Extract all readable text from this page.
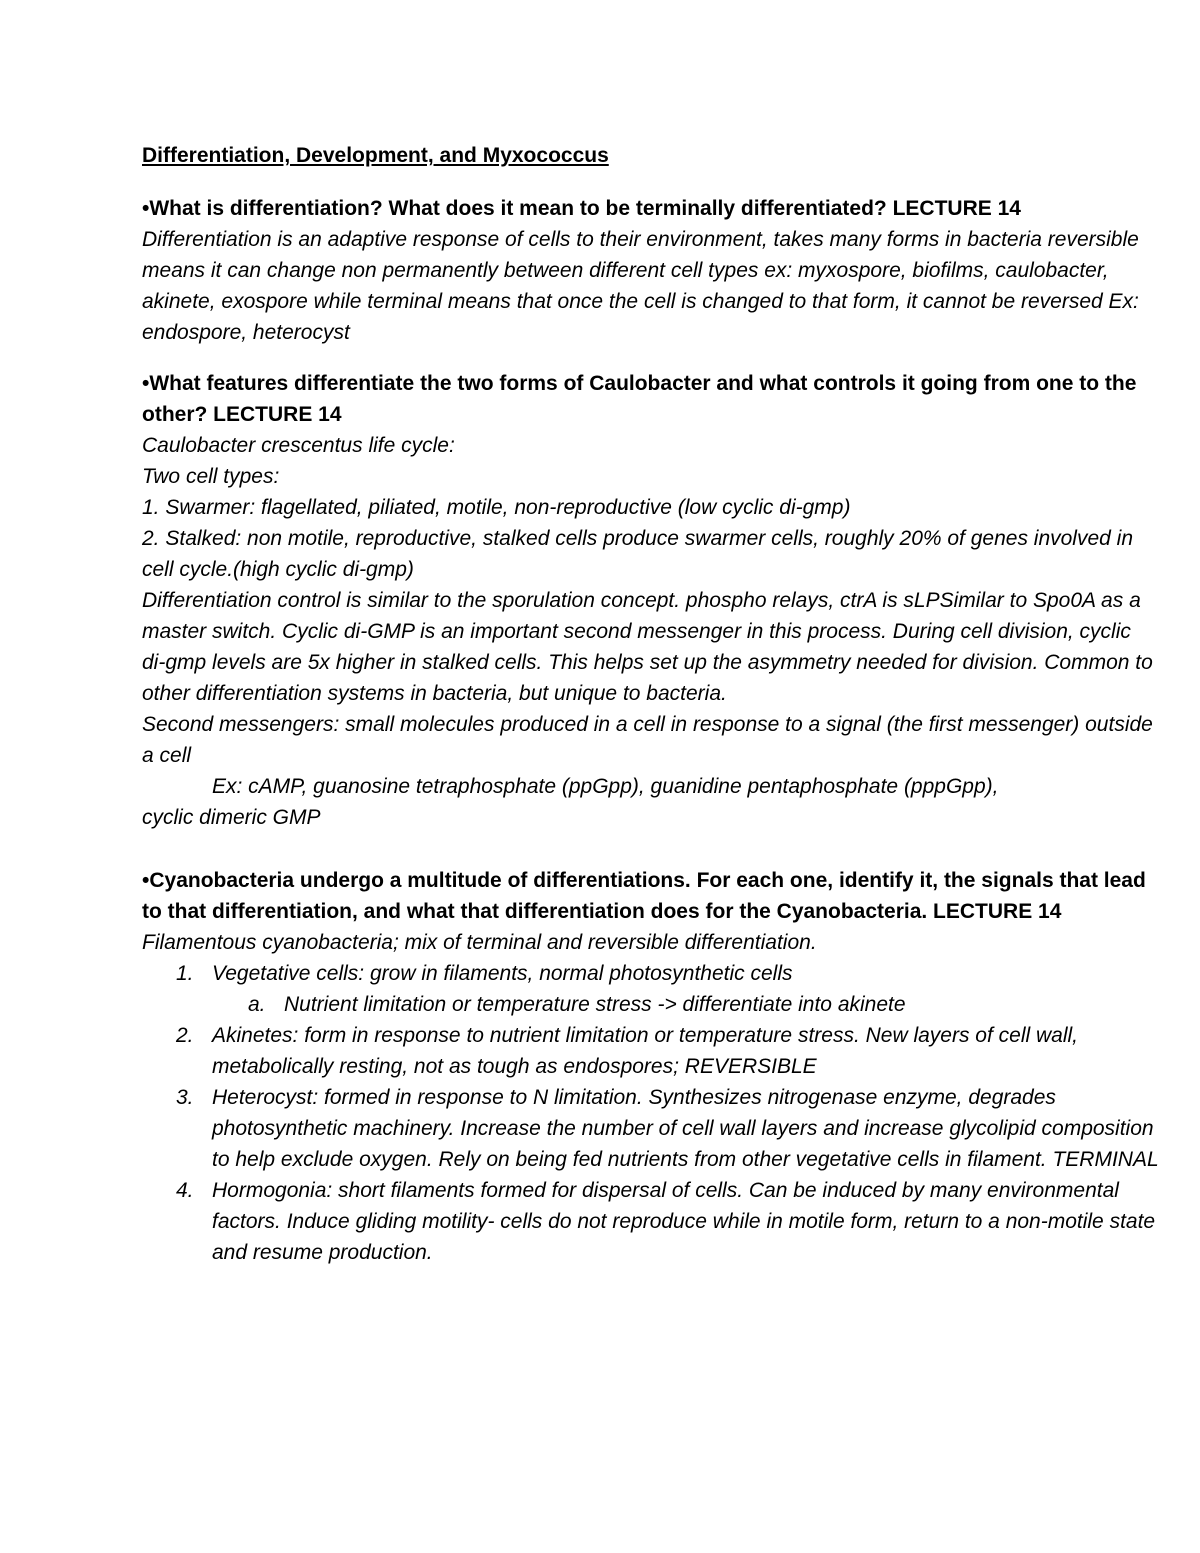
Differentiation, Development, and Myxococcus

•What is differentiation? What does it mean to be terminally differentiated? LECTURE 14

Differentiation is an adaptive response of cells to their environment, takes many forms in bacteria reversible means it can change non permanently between different cell types ex: myxospore, biofilms, caulobacter, akinete, exospore while terminal means that once the cell is changed to that form, it cannot be reversed Ex: endospore, heterocyst

•What features differentiate the two forms of Caulobacter and what controls it going from one to the other? LECTURE 14

Caulobacter crescentus life cycle:

Two cell types:

1. Swarmer: flagellated, piliated, motile, non-reproductive (low cyclic di-gmp)

2. Stalked: non motile, reproductive, stalked cells produce swarmer cells, roughly 20% of genes involved in cell cycle.(high cyclic di-gmp)

Differentiation control is similar to the sporulation concept. phospho relays, ctrA is sLPSimilar to Spo0A as a master switch. Cyclic di-GMP is an important second messenger in this process. During cell division, cyclic di-gmp levels are 5x higher in stalked cells. This helps set up the asymmetry needed for division. Common to other differentiation systems in bacteria, but unique to bacteria.

Second messengers: small molecules produced in a cell in response to a signal (the first messenger) outside a cell

Ex: cAMP, guanosine tetraphosphate (ppGpp), guanidine pentaphosphate (pppGpp),

cyclic dimeric GMP

•Cyanobacteria undergo a multitude of differentiations. For each one, identify it, the signals that lead to that differentiation, and what that differentiation does for the Cyanobacteria. LECTURE 14

Filamentous cyanobacteria; mix of terminal and reversible differentiation.

1. Vegetative cells: grow in filaments, normal photosynthetic cells
a. Nutrient limitation or temperature stress -> differentiate into akinete
2. Akinetes: form in response to nutrient limitation or temperature stress. New layers of cell wall, metabolically resting, not as tough as endospores; REVERSIBLE
3. Heterocyst: formed in response to N limitation. Synthesizes nitrogenase enzyme, degrades photosynthetic machinery. Increase the number of cell wall layers and increase glycolipid composition to help exclude oxygen. Rely on being fed nutrients from other vegetative cells in filament. TERMINAL
4. Hormogonia: short filaments formed for dispersal of cells. Can be induced by many environmental factors. Induce gliding motility- cells do not reproduce while in motile form, return to a non-motile state and resume production.
